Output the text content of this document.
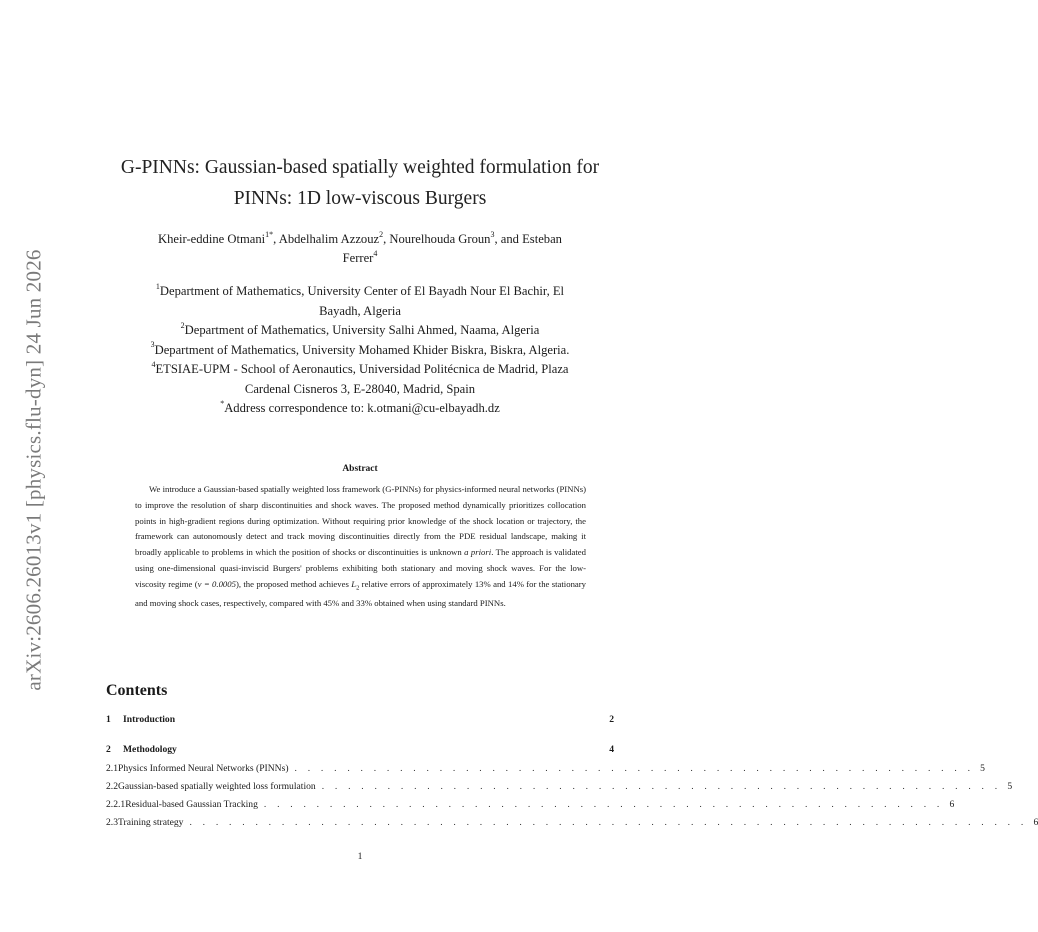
arXiv:2606.26013v1 [physics.flu-dyn] 24 Jun 2026
G-PINNs: Gaussian-based spatially weighted formulation for
PINNs: 1D low-viscous Burgers
Kheir-eddine Otmani$^{1*}$, Abdelhalim Azzouz$^2$, Nourelhouda Groun$^3$, and Esteban
Ferrer$^4$
$^1$Department of Mathematics, University Center of El Bayadh Nour El Bachir, El
Bayadh, Algeria
$^2$Department of Mathematics, University Salhi Ahmed, Naama, Algeria
$^3$Department of Mathematics, University Mohamed Khider Biskra, Biskra, Algeria.
$^4$ETSIAE-UPM - School of Aeronautics, Universidad Politécnica de Madrid, Plaza
Cardenal Cisneros 3, E-28040, Madrid, Spain
*Address correspondence to: k.otmani@cu-elbayadh.dz
Abstract
We introduce a Gaussian-based spatially weighted loss framework (G-PINNs) for physics-informed neural networks (PINNs) to improve the resolution of sharp discontinuities and shock waves. The proposed method dynamically prioritizes collocation points in high-gradient regions during optimization. Without requiring prior knowledge of the shock location or trajectory, the framework can autonomously detect and track moving discontinuities directly from the PDE residual landscape, making it broadly applicable to problems in which the position of shocks or discontinuities is unknown a priori. The approach is validated using one-dimensional quasi-inviscid Burgers' problems exhibiting both stationary and moving shock waves. For the low-viscosity regime (ν = 0.0005), the proposed method achieves $L_2$ relative errors of approximately 13% and 14% for the stationary and moving shock cases, respectively, compared with 45% and 33% obtained when using standard PINNs.
Contents
1	Introduction	2
2	Methodology	4
2.1 Physics Informed Neural Networks (PINNs) . . . . . . . . . . . . . . . . . . . . . . . . . . . . . . . . . . . . . . . . . . . . . . . . . . . . 5
2.2 Gaussian-based spatially weighted loss formulation . . . . . . . . . . . . . . . . . . . . . . . . . . . . . . . . . . . . . . . . . . . . . . . . . . . . 5
2.2.1 Residual-based Gaussian Tracking . . . . . . . . . . . . . . . . . . . . . . . . . . . . . . . . . . . . . . . . . . . . . . . . . . . . 6
2.3 Training strategy . . . . . . . . . . . . . . . . . . . . . . . . . . . . . . . . . . . . . . . . . . . . . . . . . . . . . . . . . . . . . . . . 6
1
